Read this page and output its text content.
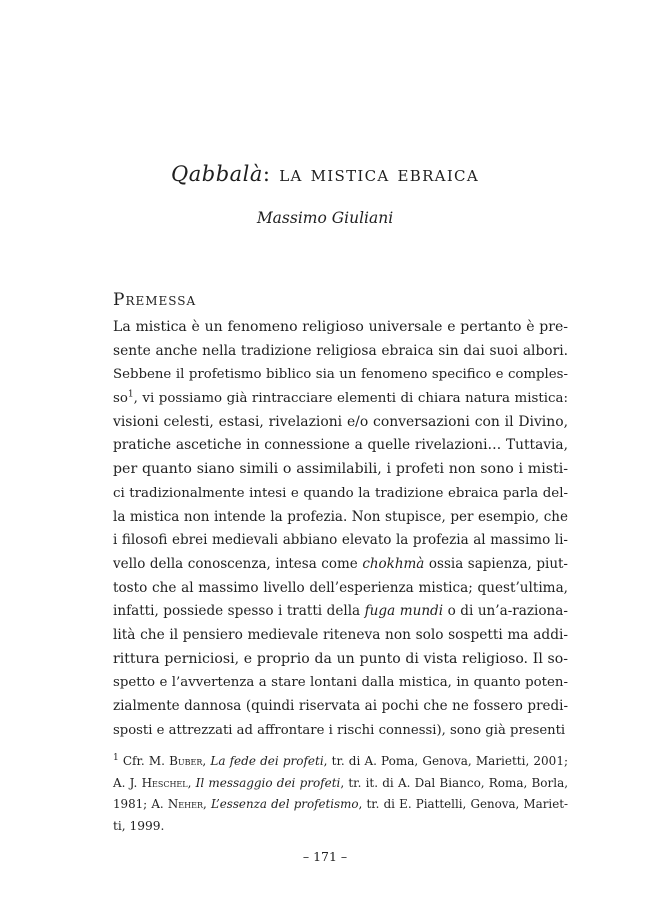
Qabbalà: la mistica ebraica
Massimo Giuliani
Premessa
La mistica è un fenomeno religioso universale e pertanto è pre-
sente anche nella tradizione religiosa ebraica sin dai suoi albori.
Sebbene il profetismo biblico sia un fenomeno specifico e comples-
$so^1$, vi possiamo già rintracciare elementi di chiara natura mistica:
visioni celesti, estasi, rivelazioni e/o conversazioni con il Divino,
pratiche ascetiche in connessione a quelle rivelazioni… Tuttavia,
per quanto siano simili o assimilabili, i profeti non sono i misti-
ci tradizionalmente intesi e quando la tradizione ebraica parla del-
la mistica non intende la profezia. Non stupisce, per esempio, che
i filosofi ebrei medievali abbiano elevato la profezia al massimo li-
vello della conoscenza, intesa come chokhmà ossia sapienza, piut-
tosto che al massimo livello dell’esperienza mistica; quest’ultima,
infatti, possiede spesso i tratti della fuga mundi o di un’a-raziona-
lità che il pensiero medievale riteneva non solo sospetti ma addi-
rittura perniciosi, e proprio da un punto di vista religioso. Il so-
spetto e l’avvertenza a stare lontani dalla mistica, in quanto poten-
zialmente dannosa (quindi riservata ai pochi che ne fossero predi-
sposti e attrezzati ad affrontare i rischi connessi), sono già presenti
$^1$ Cfr. M. Buber, La fede dei profeti, tr. di A. Poma, Genova, Marietti, 2001;
A. J. Heschel, Il messaggio dei profeti, tr. it. di A. Dal Bianco, Roma, Borla,
1981; A. Neher, L’essenza del profetismo, tr. di E. Piattelli, Genova, Mariet-
ti, 1999.
– 171 –
